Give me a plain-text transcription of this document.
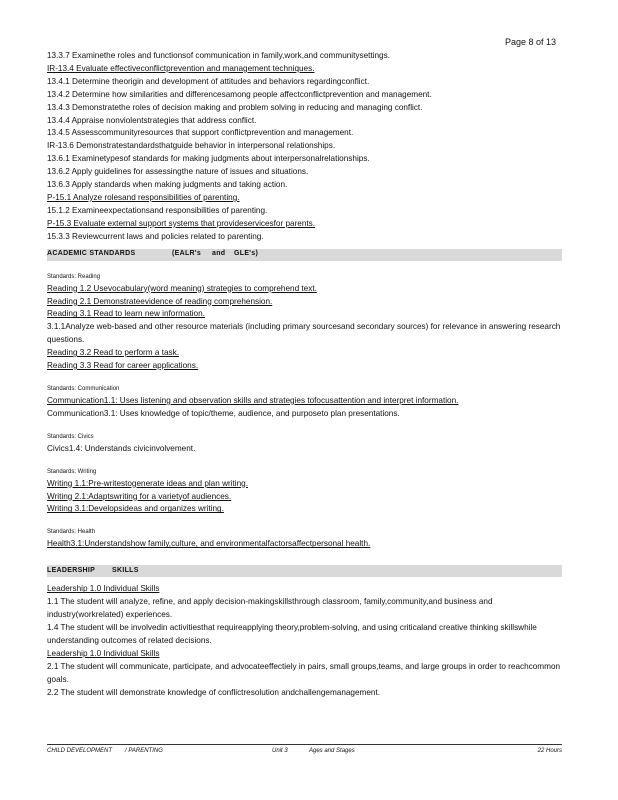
Page 8 of 13
13.3.7 Examinethe roles and functionsof communication in family,work,and communitysettings.
IR-13.4 Evaluate effectiveconflictprevention and management techniques.
13.4.1 Determine theorigin and development of attitudes and behaviors regardingconflict.
13.4.2 Determine how similarities and differencesamong people affectconflictprevention and management.
13.4.3 Demonstratethe roles of decision making and problem solving in reducing and managing conflict.
13.4.4 Appraise nonviolentstrategies that address conflict.
13.4.5 Assesscommunityresources that support conflictprevention and management.
IR-13.6 Demonstratestandardsthatguide behavior in interpersonal relationships.
13.6.1 Examinetypesof standards for making judgments about interpersonalrelationships.
13.6.2 Apply guidelines for assessingthe nature of issues and situations.
13.6.3 Apply standards when making judgments and taking action.
P-15.1 Analyze rolesand responsibilities of parenting.
15.1.2 Examineexpectationsand responsibilities of parenting.
P-15.3 Evaluate external support systems that provideservicesfor parents.
15.3.3 Reviewcurrent laws and policies related to parenting.
ACADEMIC STANDARDS	(EALR's	and	GLE's)
Standards: Reading
Reading 1.2 Usevocabulary(word meaning) strategies to comprehend text.
Reading 2.1 Demonstrateevidence of reading comprehension.
Reading 3.1 Read to learn new information.
3.1.1Analyze web-based and other resource materials (including primary sourcesand secondary sources) for relevance in answering research questions.
Reading 3.2 Read to perform a task.
Reading 3.3 Read for career applications.
Standards: Communication
Communication1.1: Uses listening and observation skills and strategies tofocusattention and interpret information.
Communication3.1: Uses knowledge of topic/theme, audience, and purposeto plan presentations.
Standards: Civics
Civics1.4: Understands civicinvolvement.
Standards: Writing
Writing 1.1:Pre-writestogenerate ideas and plan writing.
Writing 2.1:Adaptswriting for a varietyof audiences.
Writing 3.1:Developsideas and organizes writing.
Standards: Health
Health3.1:Understandshow family,culture, and environmentalfactorsaffectpersonal health.
LEADERSHIP	SKILLS
Leadership 1.0 Individual Skills
1.1 The student will analyze, refine, and apply decision-makingskillsthrough classroom, family,community,and business and industry(workrelated) experiences.
1.4 The student will be involvedin activitiesthat requireapplying theory,problem-solving, and using criticaland creative thinking skillswhile understanding outcomes of related decisions.
Leadership 1.0 Individual Skills
2.1 The student will communicate, participate, and advocateeffectiely in pairs, small groups,teams, and large groups in order to reachcommon goals.
2.2 The student will demonstrate knowledge of conflictresolution andchallengemanagement.
CHILD DEVELOPMENT / PARENTING	Unit 3	Ages and Stages	22 Hours
